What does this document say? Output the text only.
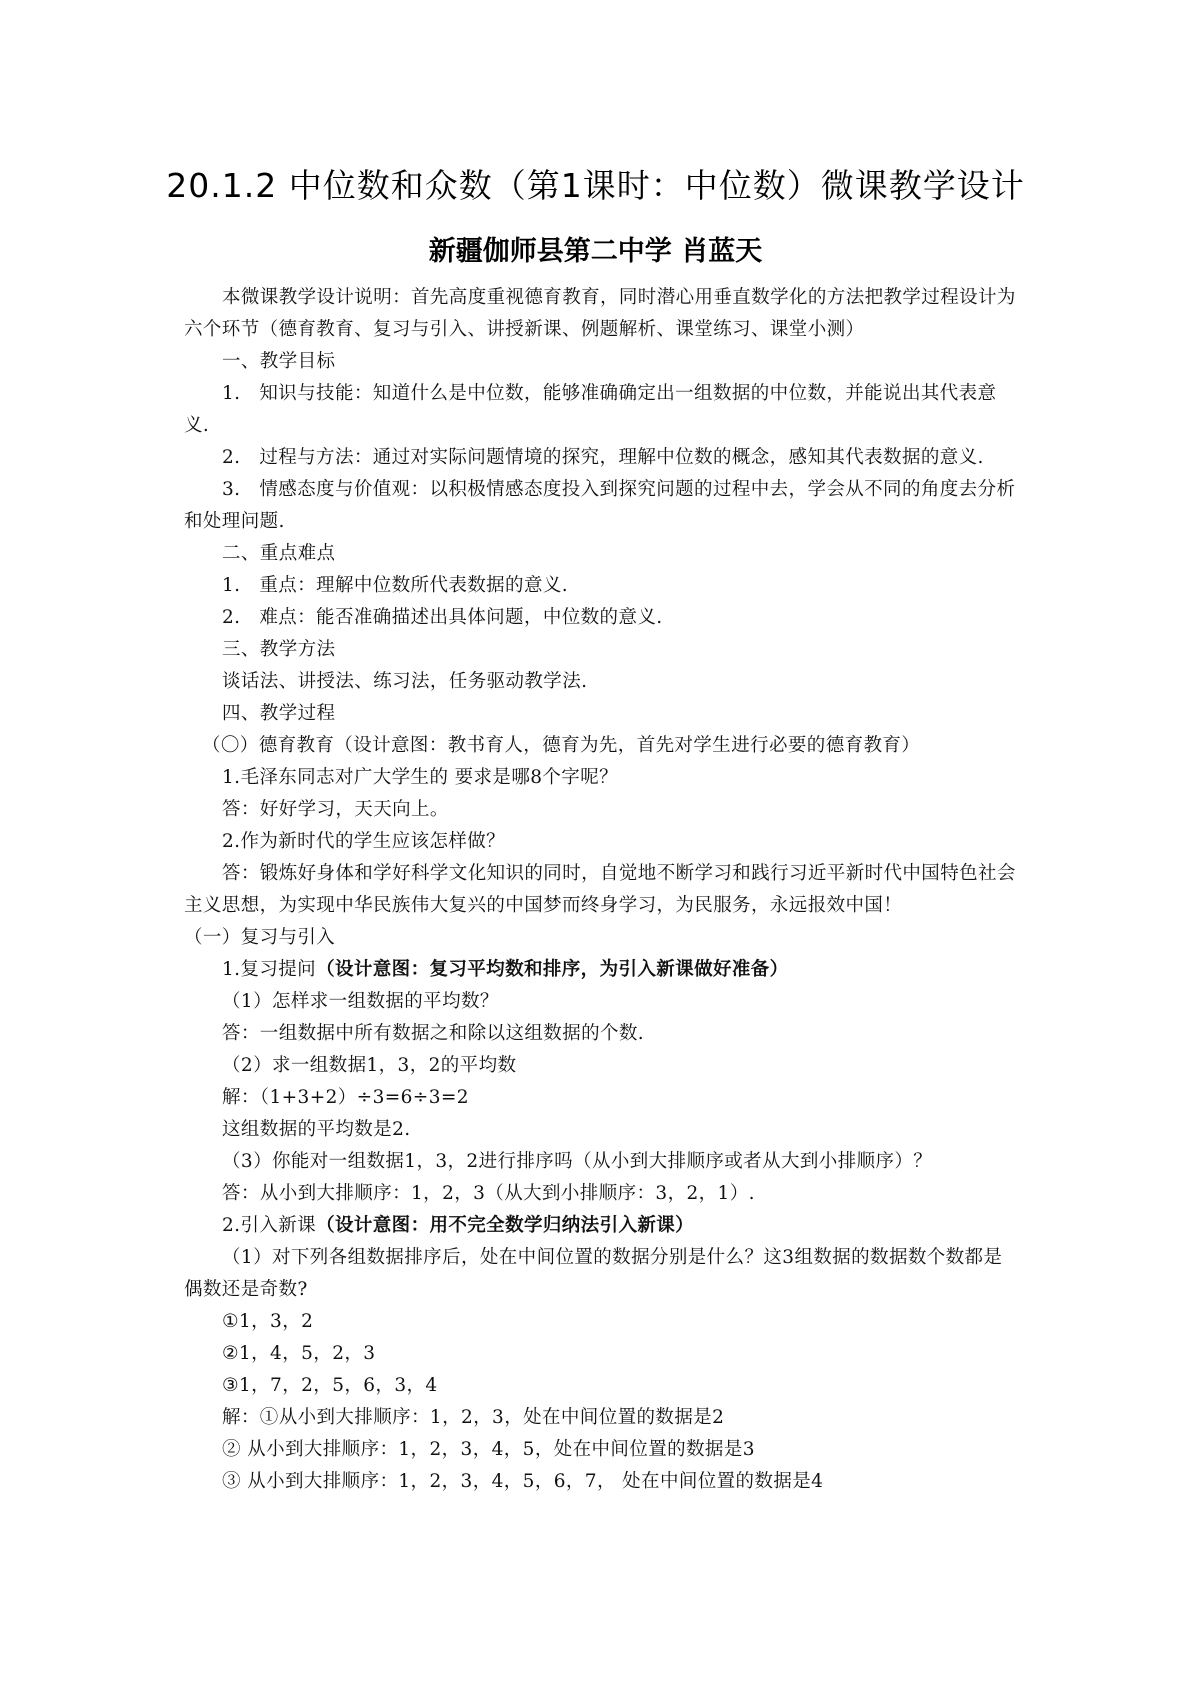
20.1.2 中位数和众数（第1课时：中位数）微课教学设计
新疆伽师县第二中学 肖蓝天

本微课教学设计说明：首先高度重视德育教育，同时潜心用垂直数学化的方法把教学过程设计为六个环节（德育教育、复习与引入、讲授新课、例题解析、课堂练习、课堂小测）

一、教学目标

1.　知识与技能：知道什么是中位数，能够准确确定出一组数据的中位数，并能说出其代表意义.

2.　过程与方法：通过对实际问题情境的探究，理解中位数的概念，感知其代表数据的意义.

3.　情感态度与价值观：以积极情感态度投入到探究问题的过程中去，学会从不同的角度去分析和处理问题.

二、重点难点

1.　重点：理解中位数所代表数据的意义.

2.　难点：能否准确描述出具体问题，中位数的意义.

三、教学方法

谈话法、讲授法、练习法，任务驱动教学法.

四、教学过程

（〇）德育教育（设计意图：教书育人，德育为先，首先对学生进行必要的德育教育）

1.毛泽东同志对广大学生的 要求是哪8个字呢？

答：好好学习，天天向上。

2.作为新时代的学生应该怎样做？

答：锻炼好身体和学好科学文化知识的同时，自觉地不断学习和践行习近平新时代中国特色社会主义思想，为实现中华民族伟大复兴的中国梦而终身学习，为民服务，永远报效中国！

（一）复习与引入

1.复习提问（设计意图：复习平均数和排序，为引入新课做好准备）

（1）怎样求一组数据的平均数？

答：一组数据中所有数据之和除以这组数据的个数.

（2）求一组数据1，3，2的平均数

解：（1+3+2）÷3=6÷3=2

这组数据的平均数是2.

（3）你能对一组数据1，3，2进行排序吗（从小到大排顺序或者从大到小排顺序）？

答：从小到大排顺序：1，2，3（从大到小排顺序：3，2，1）.

2.引入新课（设计意图：用不完全数学归纳法引入新课）

（1）对下列各组数据排序后，处在中间位置的数据分别是什么？这3组数据的数据数个数都是偶数还是奇数?

①1，3，2

②1，4，5，2，3

③1，7，2，5，6，3，4

解：①从小到大排顺序：1，2，3，处在中间位置的数据是2

② 从小到大排顺序：1，2，3，4，5，处在中间位置的数据是3

③ 从小到大排顺序：1，2，3，4，5，6，7， 处在中间位置的数据是4
